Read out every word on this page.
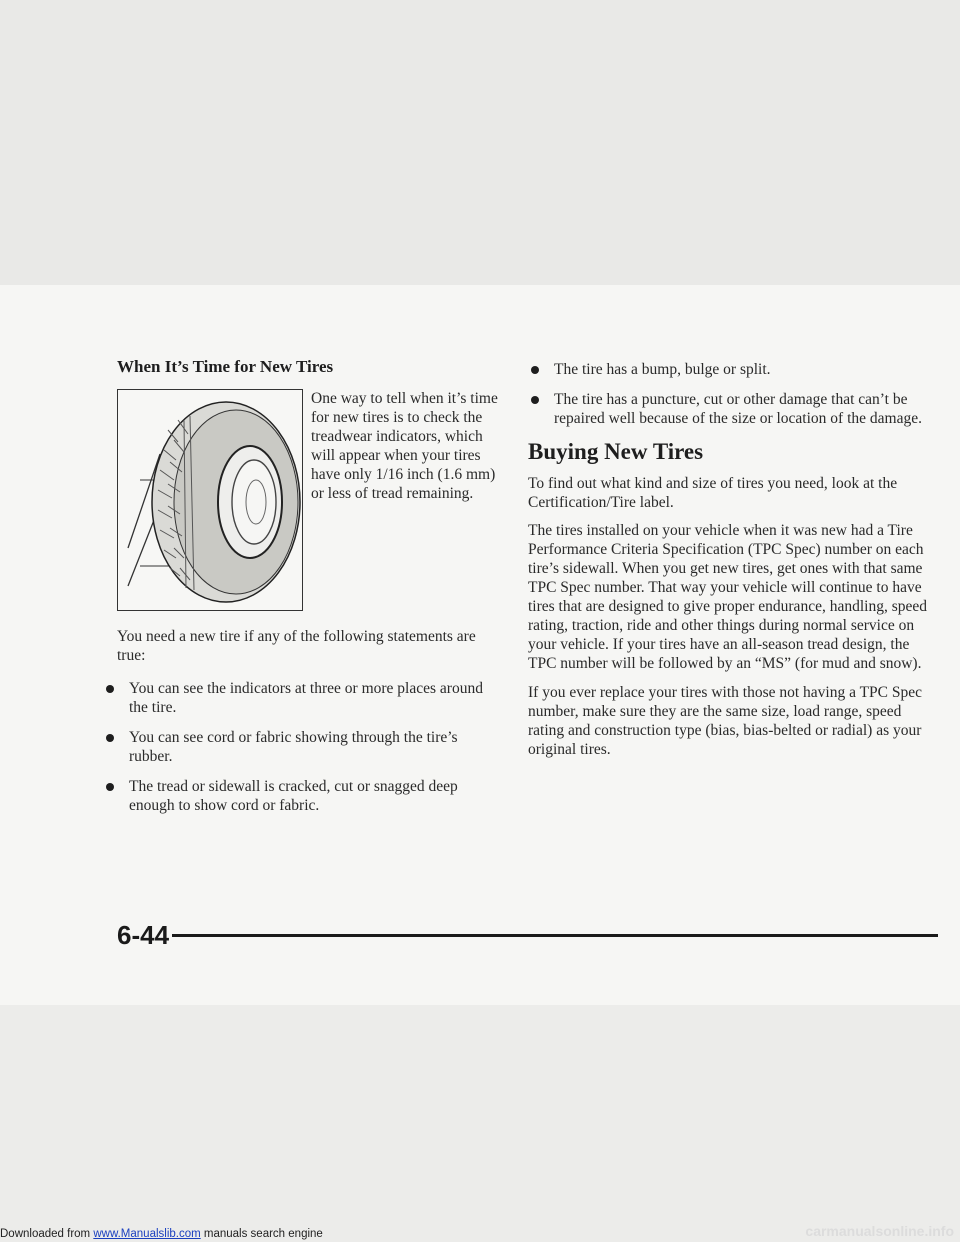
When It’s Time for New Tires

One way to tell when it’s time for new tires is to check the treadwear indicators, which will appear when your tires have only 1/16 inch (1.6 mm) or less of tread remaining.

You need a new tire if any of the following statements are true:

You can see the indicators at three or more places around the tire.
You can see cord or fabric showing through the tire’s rubber.
The tread or sidewall is cracked, cut or snagged deep enough to show cord or fabric.
The tire has a bump, bulge or split.
The tire has a puncture, cut or other damage that can’t be repaired well because of the size or location of the damage.
Buying New Tires

To find out what kind and size of tires you need, look at the Certification/Tire label.

The tires installed on your vehicle when it was new had a Tire Performance Criteria Specification (TPC Spec) number on each tire’s sidewall. When you get new tires, get ones with that same TPC Spec number. That way your vehicle will continue to have tires that are designed to give proper endurance, handling, speed rating, traction, ride and other things during normal service on your vehicle. If your tires have an all-season tread design, the TPC number will be followed by an “MS” (for mud and snow).

If you ever replace your tires with those not having a TPC Spec number, make sure they are the same size, load range, speed rating and construction type (bias, bias-belted or radial) as your original tires.

6-44
Downloaded from www.Manualslib.com manuals search engine	carmanualsonline.info
